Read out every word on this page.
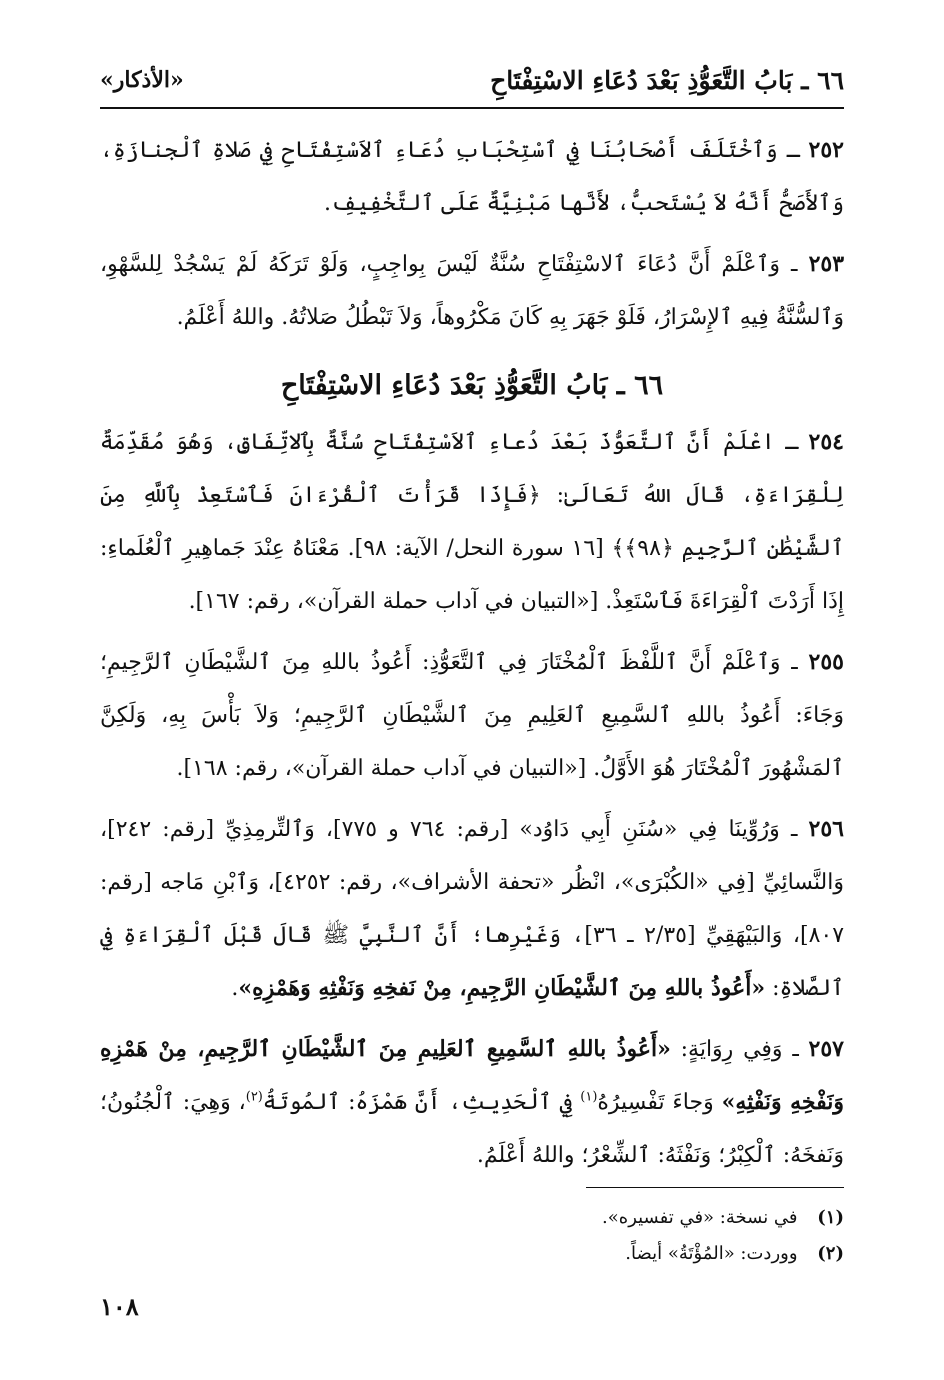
٦٦ ـ بَابُ التَّعَوُّذِ بَعْدَ دُعَاءِ الاسْتِفْتَاحِ
«الأذكار»

٢٥٢ ـ وَٱخْتَلَفَ أَصْحَابُنَا فِي ٱسْتِحْبَابِ دُعَاءِ ٱلاَسْتِفْتَاحِ فِي صَلاةِ ٱلْجنازَةِ، وَٱلأَصَحُّ أَنَّهُ لاَ يُسْتَحبُّ، لأَنَّها مَبْنِيَّةٌ عَلَى ٱلتَّخْفِيفِ.

٢٥٣ ـ وَٱعْلَمْ أَنَّ دُعَاءَ ٱلاسْتِفْتَاحِ سُنَّةٌ لَيْسَ بِواجِبٍ، وَلَوْ تَرَكَهُ لَمْ يَسْجُدْ لِلسَّهْوِ، وَٱلسُّنَّةُ فِيهِ ٱلإِسْرَارُ، فَلَوْ جَهَرَ بِهِ كَانَ مَكْرُوهاً، وَلاَ تَبْطُلُ صَلاتُهُ. واللهُ أَعْلَمُ.

٦٦ ـ بَابُ التَّعَوُّذِ بَعْدَ دُعَاءِ الاسْتِفْتَاحِ

٢٥٤ ـ اعْلَمْ أَنَّ ٱلتَّعَوُّذَ بَعْدَ دُعاءِ ٱلاَسْتِفْتَاحِ سُنَّةٌ بِٱلاتِّفَاقِ، وَهُوَ مُقَدِّمَةٌ لِلْقِرَاءَةِ، قَالَ اللهُ تَعَالَىٰ: ﴿فَإِذَا قَرَأْتَ ٱلْقُرْءَانَ فَٱسْتَعِذْ بِٱللَّهِ مِنَ ٱلشَّيْطَٰنِ ٱلرَّجِيمِ ﴿٩٨﴾﴾ [١٦ سورة النحل/ الآية: ٩٨]. مَعْنَاهُ عِنْدَ جَماهِيرِ ٱلْعُلَماءِ: إِذَا أَرَدْتَ ٱلْقِرَاءَةَ فَٱسْتَعِذْ. [«التبيان في آداب حملة القرآن»، رقم: ١٦٧].

٢٥٥ ـ وَٱعْلَمْ أَنَّ ٱللَّفْظَ ٱلْمُخْتَارَ فِي ٱلتَّعَوُّذِ: أَعُوذُ باللهِ مِنَ ٱلشَّيْطَانِ ٱلرَّجِيمِ؛ وَجَاءَ: أَعُوذُ باللهِ ٱلسَّمِيعِ ٱلعَلِيمِ مِنَ ٱلشَّيْطَانِ ٱلرَّجِيمِ؛ وَلاَ بَأْسَ بِهِ، وَلَكِنَّ ٱلمَشْهُورَ ٱلْمُخْتَارَ هُوَ الأَوَّلُ. [«التبيان في آداب حملة القرآن»، رقم: ١٦٨].

٢٥٦ ـ وَرُوِّينَا فِي «سُنَنِ أَبِي دَاوُد» [رقم: ٧٦٤ و ٧٧٥]، وَٱلتِّرمِذِيِّ [رقم: ٢٤٢]، وَالنَّسائِيِّ [فِي «الكُبْرَى»، انْظُر «تحفة الأشراف»، رقم: ٤٢٥٢]، وَٱبْنِ مَاجه [رقم: ٨٠٧]، وَالبَيْهَقِيِّ [٢/٣٥ ـ ٣٦]، وَغَيْرِها؛ أَنَّ ٱلنَّبِيَّ ﷺ قَالَ قَبْلَ ٱلْقِرَاءَةِ فِي ٱلصَّلاةِ: «أَعُوذُ باللهِ مِنَ ٱلشَّيْطَانِ الرَّجِيمِ، مِنْ نَفخِهِ وَنَفْثِهِ وَهَمْزِهِ».

٢٥٧ ـ وَفِي رِوَايَةٍ: «أَعُوذُ باللهِ ٱلسَّمِيعِ ٱلعَلِيمِ مِنَ ٱلشَّيْطَانِ ٱلرَّجِيمِ، مِنْ هَمْزِهِ وَنَفْخِهِ وَنَفْثِهِ» وَجاءَ تَفْسِيرُهُ$^{(١)}$ فِي ٱلْحَدِيثِ، أَنَّ هَمْزَهُ: ٱلمُوتَةُ$^{(٢)}$، وَهِيَ: ٱلْجُنُونُ؛ وَنَفخَهُ: ٱلْكِبْرُ؛ وَنَفْثَهُ: ٱلشِّعْرُ؛ واللهُ أَعْلَمُ.

(١) في نسخة: «في تفسيره».
(٢) ووردت: «المُؤْتَةُ» أيضاً.
١٠٨
